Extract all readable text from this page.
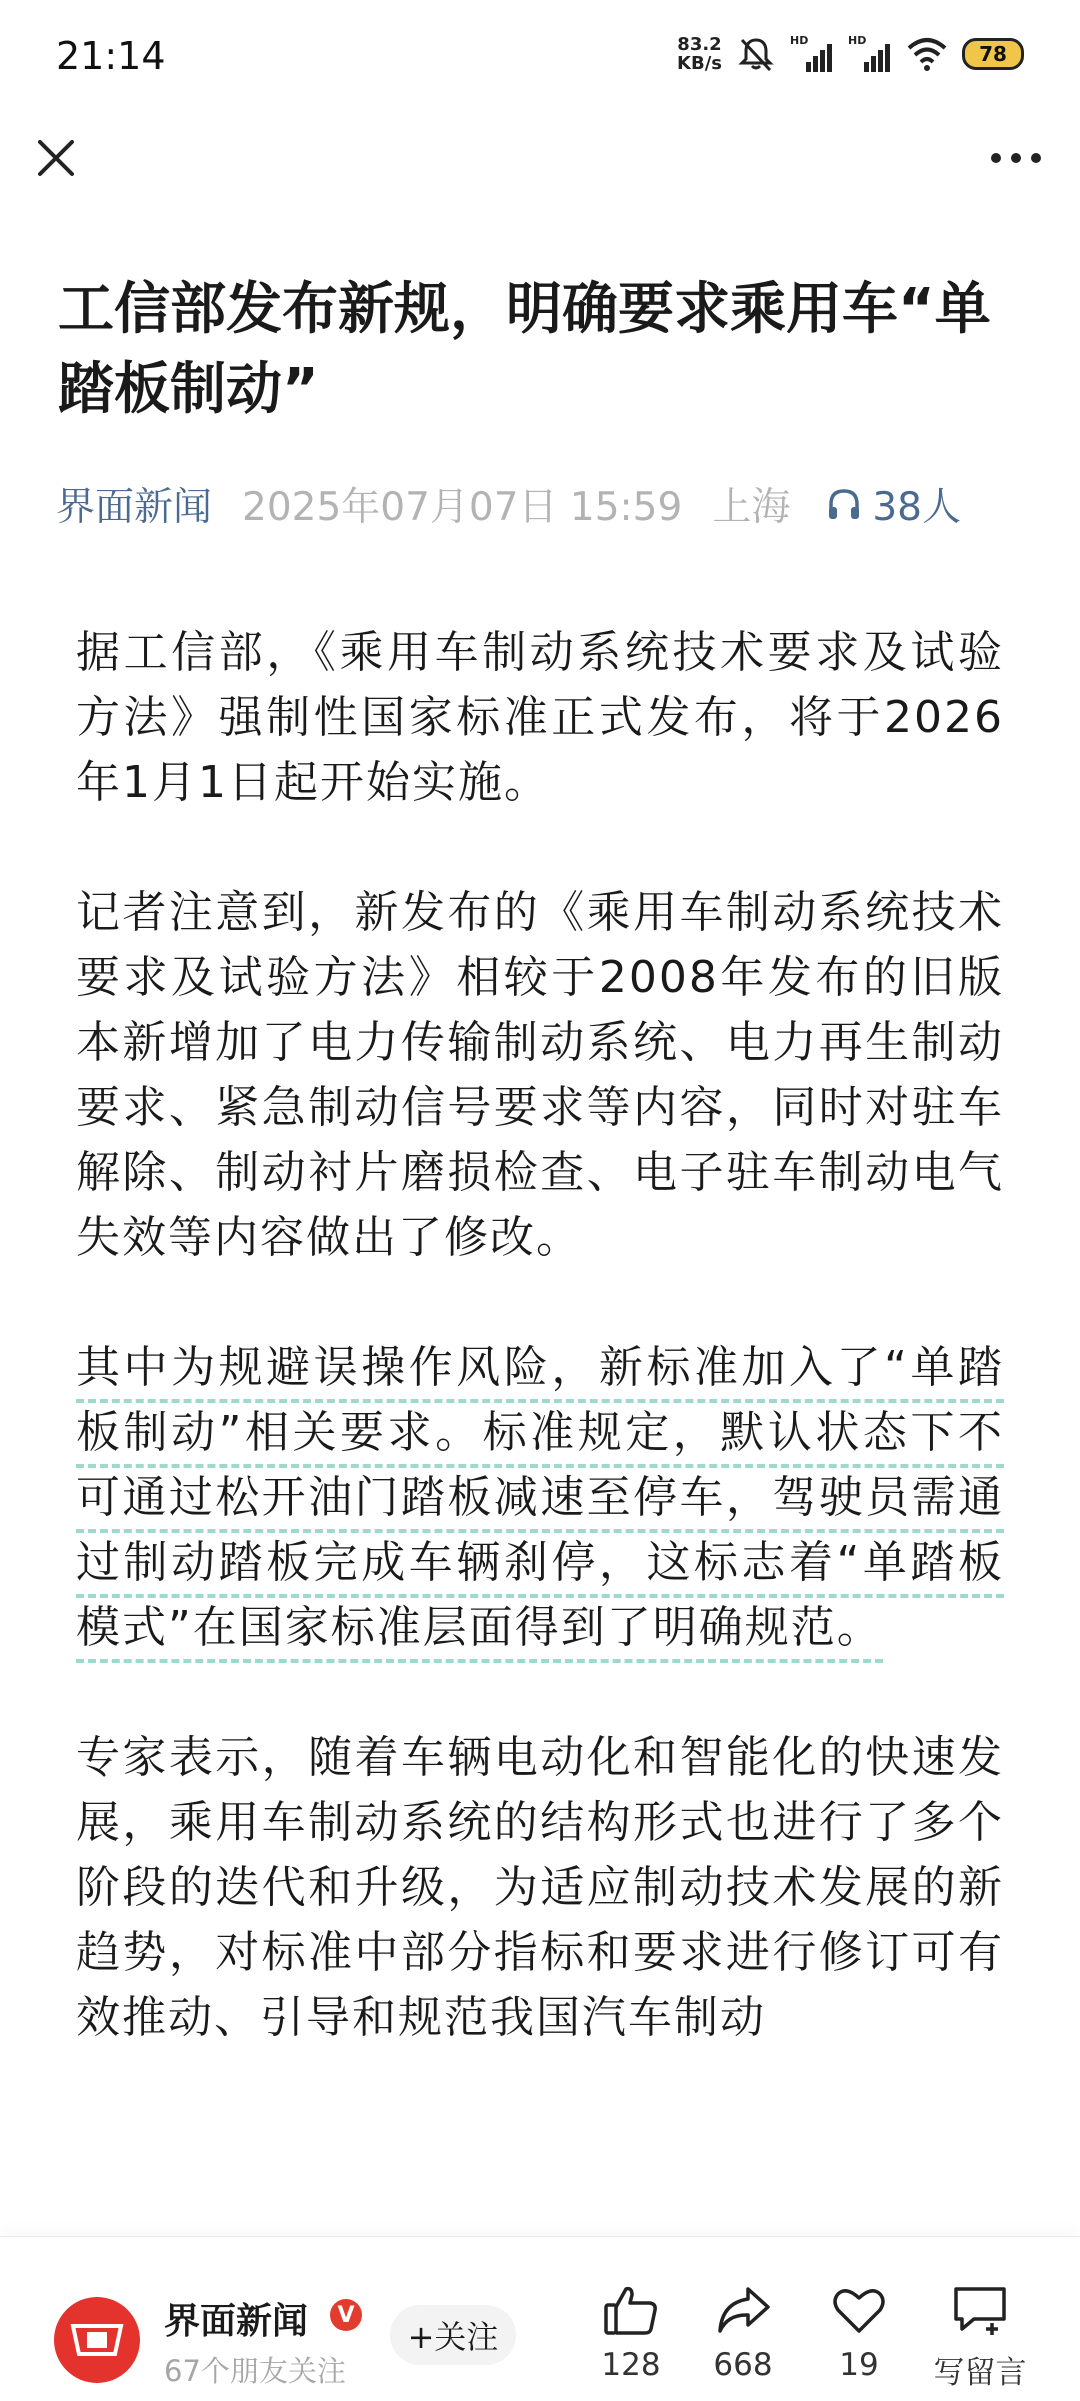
21:14	83.2
KB/s
HD	HD
78
工信部发布新规，明确要求乘用车“单踏板制动”
界面新闻 2025年07月07日 15:59 上海 38人

据工信部，《乘用车制动系统技术要求及试验方法》强制性国家标准正式发布，将于2026年1月1日起开始实施。

记者注意到，新发布的《乘用车制动系统技术要求及试验方法》相较于2008年发布的旧版本新增加了电力传输制动系统、电力再生制动要求、紧急制动信号要求等内容，同时对驻车解除、制动衬片磨损检查、电子驻车制动电气失效等内容做出了修改。

其中为规避误操作风险，新标准加入了“单踏板制动”相关要求。标准规定，默认状态下不可通过松开油门踏板减速至停车，驾驶员需通过制动踏板完成车辆刹停，这标志着“单踏板模式”在国家标准层面得到了明确规范。

专家表示，随着车辆电动化和智能化的快速发展，乘用车制动系统的结构形式也进行了多个阶段的迭代和升级，为适应制动技术发展的新趋势，对标准中部分指标和要求进行修订可有效推动、引导和规范我国汽车制动

界面新闻	V
67个朋友关注
+关注
128	668	19	写留言
